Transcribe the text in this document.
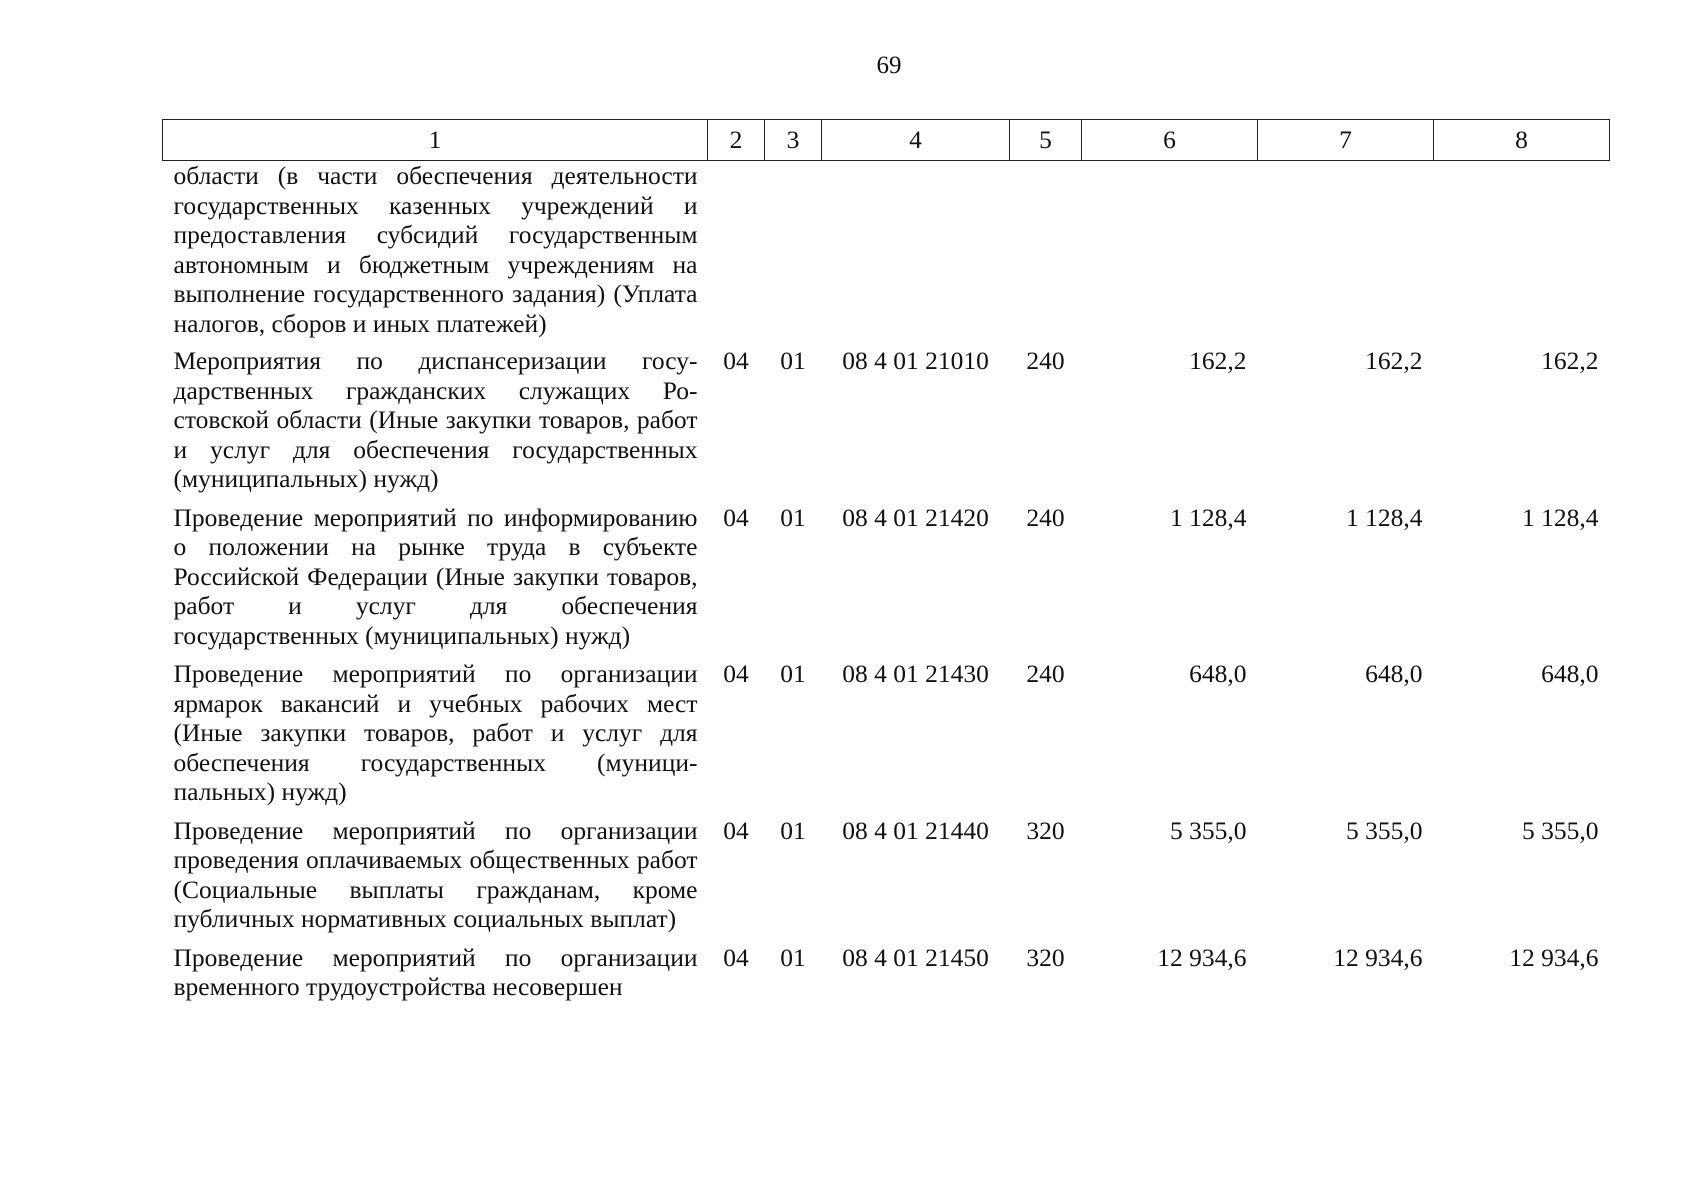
69
1	2	3	4	5	6	7	8
области (в части обеспечения деятельности государственных казенных учреждений и предоставления субсидий государственным автономным и бюджетным учреждениям на выполнение государственного задания) (Уплата налогов, сборов и иных платежей)							
Мероприятия по диспансеризации государственных гражданских служащих Ростовской области (Иные закупки товаров, работ и услуг для обеспечения государственных (муниципальных) нужд)	04	01	08 4 01 21010	240	162,2	162,2	162,2
Проведение мероприятий по информированию о положении на рынке труда в субъекте Российской Федерации (Иные закупки товаров, работ и услуг для обеспечения государственных (муниципальных) нужд)	04	01	08 4 01 21420	240	1 128,4	1 128,4	1 128,4
Проведение мероприятий по организации ярмарок вакансий и учебных рабочих мест (Иные закупки товаров, работ и услуг для обеспечения государственных (муниципальных) нужд)	04	01	08 4 01 21430	240	648,0	648,0	648,0
Проведение мероприятий по организации проведения оплачиваемых общественных работ (Социальные выплаты гражданам, кроме публичных нормативных социальных выплат)	04	01	08 4 01 21440	320	5 355,0	5 355,0	5 355,0
Проведение мероприятий по организации временного трудоустройства несовершен	04	01	08 4 01 21450	320	12 934,6	12 934,6	12 934,6
